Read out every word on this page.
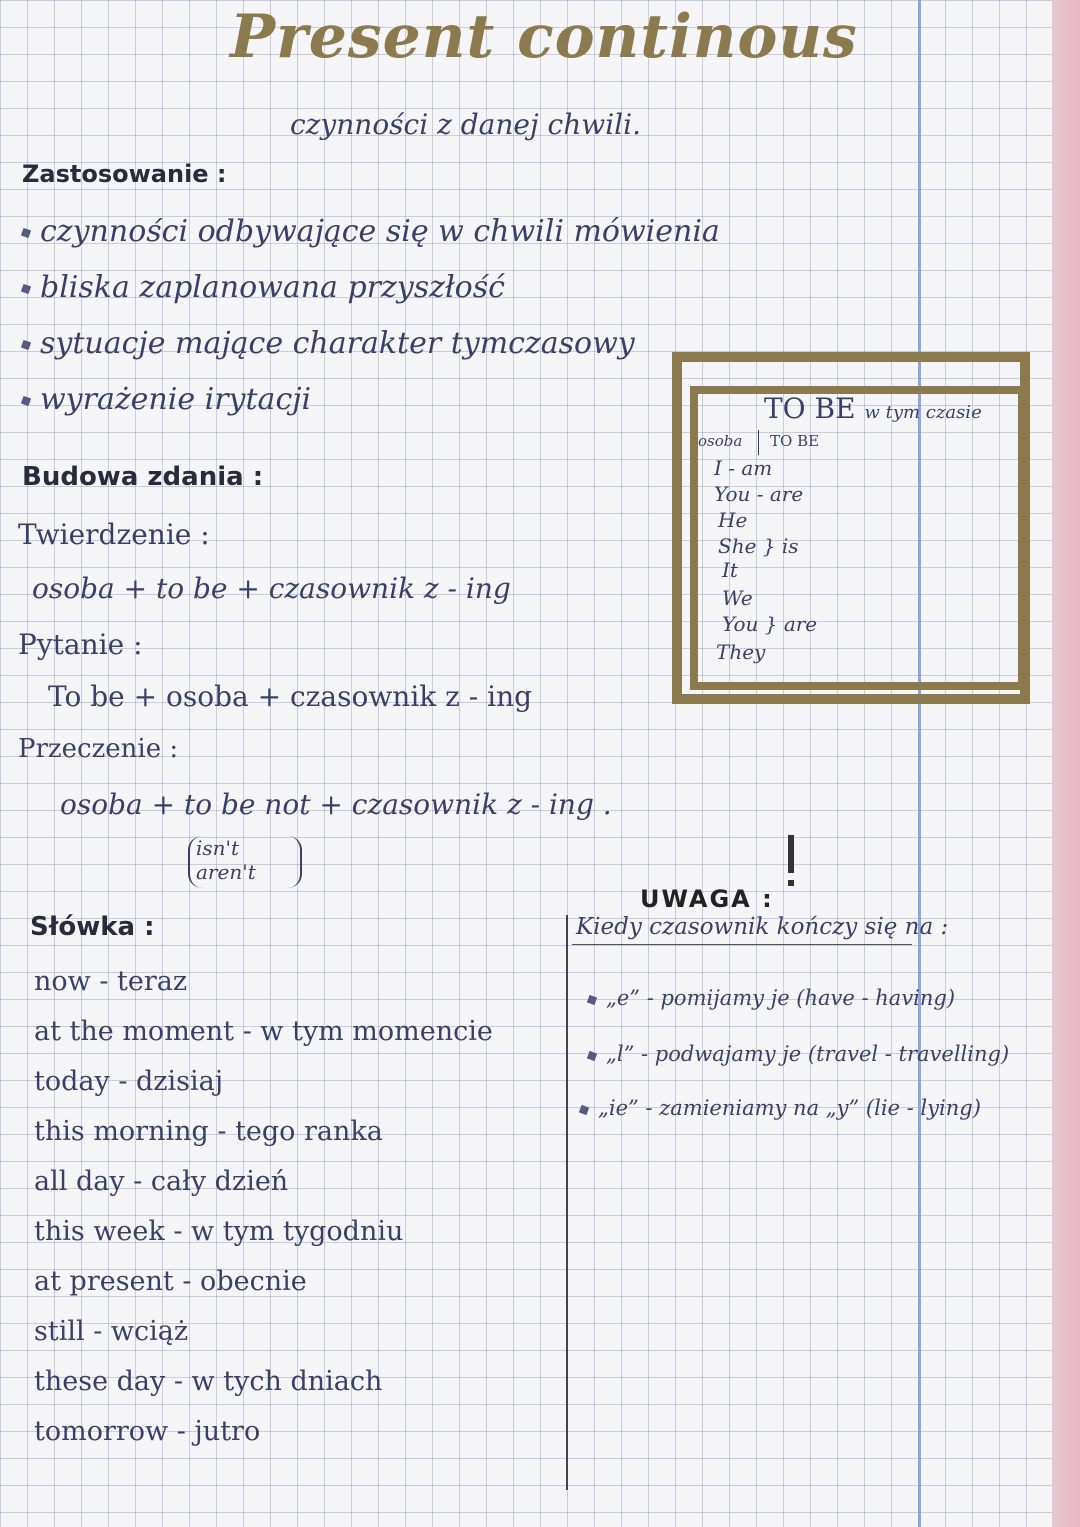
Present continous

czynności z danej chwili.

Zastosowanie :

czynności odbywające się w chwili mówienia

bliska zaplanowana przyszłość

sytuacje mające charakter tymczasowy

wyrażenie irytacji

Budowa zdania :

Twierdzenie :

osoba + to be + czasownik z - ing

Pytanie :

To be + osoba + czasownik z - ing

Przeczenie :

osoba + to be not + czasownik z - ing .

isn't
aren't

TO BE w tym czasie

osoba TO BE

I - am

You - are

He

She } is

It

We

You } are

They

Słówka :

now - teraz

at the moment - w tym momencie

today - dzisiaj

this morning - tego ranka

all day - cały dzień

this week - w tym tygodniu

at present - obecnie

still - wciąż

these day - w tych dniach

tomorrow - jutro

UWAGA :

Kiedy czasownik kończy się na :

„e” - pomijamy je (have - having)

„l” - podwajamy je (travel - travelling)

„ie” - zamieniamy na „y” (lie - lying)
